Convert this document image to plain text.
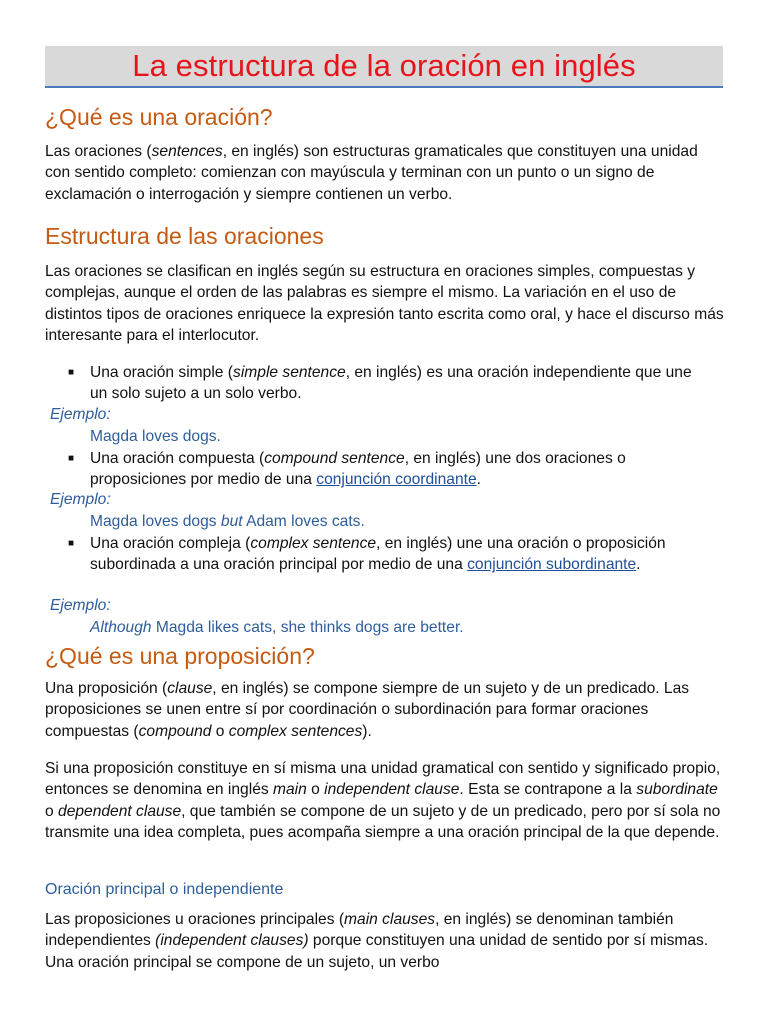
La estructura de la oración en inglés
¿Qué es una oración?

Las oraciones (sentences, en inglés) son estructuras gramaticales que constituyen una unidad con sentido completo: comienzan con mayúscula y terminan con un punto o un signo de exclamación o interrogación y siempre contienen un verbo.

Estructura de las oraciones

Las oraciones se clasifican en inglés según su estructura en oraciones simples, compuestas y complejas, aunque el orden de las palabras es siempre el mismo. La variación en el uso de distintos tipos de oraciones enriquece la expresión tanto escrita como oral, y hace el discurso más interesante para el interlocutor.

■	Una oración simple (simple sentence, en inglés) es una oración independiente que une un solo sujeto a un solo verbo.

Ejemplo:

Magda loves dogs.

■	Una oración compuesta (compound sentence, en inglés) une dos oraciones o proposiciones por medio de una conjunción coordinante.

Ejemplo:

Magda loves dogs but Adam loves cats.

■	Una oración compleja (complex sentence, en inglés) une una oración o proposición subordinada a una oración principal por medio de una conjunción subordinante.

Ejemplo:

Although Magda likes cats, she thinks dogs are better.

¿Qué es una proposición?

Una proposición (clause, en inglés) se compone siempre de un sujeto y de un predicado. Las proposiciones se unen entre sí por coordinación o subordinación para formar oraciones compuestas (compound o complex sentences).

Si una proposición constituye en sí misma una unidad gramatical con sentido y significado propio, entonces se denomina en inglés main o independent clause. Esta se contrapone a la subordinate o dependent clause, que también se compone de un sujeto y de un predicado, pero por sí sola no transmite una idea completa, pues acompaña siempre a una oración principal de la que depende.

Oración principal o independiente

Las proposiciones u oraciones principales (main clauses, en inglés) se denominan también independientes (independent clauses) porque constituyen una unidad de sentido por sí mismas. Una oración principal se compone de un sujeto, un verbo
